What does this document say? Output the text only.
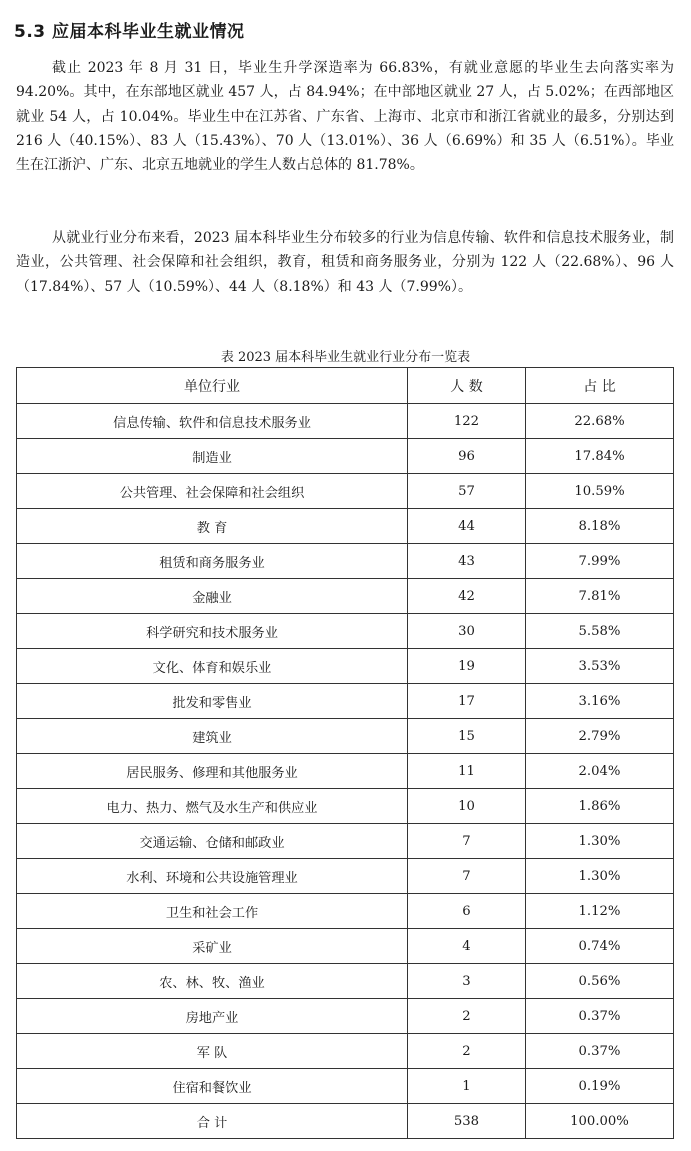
5.3 应届本科毕业生就业情况

截止 2023 年 8 月 31 日，毕业生升学深造率为 66.83%，有就业意愿的毕业生去向落实率为 94.20%。其中，在东部地区就业 457 人，占 84.94%；在中部地区就业 27 人，占 5.02%；在西部地区就业 54 人，占 10.04%。毕业生中在江苏省、广东省、上海市、北京市和浙江省就业的最多，分别达到 216 人（40.15%）、83 人（15.43%）、70 人（13.01%）、36 人（6.69%）和 35 人（6.51%）。毕业生在江浙沪、广东、北京五地就业的学生人数占总体的 81.78%。

从就业行业分布来看，2023 届本科毕业生分布较多的行业为信息传输、软件和信息技术服务业，制造业，公共管理、社会保障和社会组织，教育，租赁和商务服务业，分别为 122 人（22.68%）、96 人（17.84%）、57 人（10.59%）、44 人（8.18%）和 43 人（7.99%）。

表 2023 届本科毕业生就业行业分布一览表
单位行业	人 数	占 比
信息传输、软件和信息技术服务业	122	22.68%
制造业	96	17.84%
公共管理、社会保障和社会组织	57	10.59%
教 育	44	8.18%
租赁和商务服务业	43	7.99%
金融业	42	7.81%
科学研究和技术服务业	30	5.58%
文化、体育和娱乐业	19	3.53%
批发和零售业	17	3.16%
建筑业	15	2.79%
居民服务、修理和其他服务业	11	2.04%
电力、热力、燃气及水生产和供应业	10	1.86%
交通运输、仓储和邮政业	7	1.30%
水利、环境和公共设施管理业	7	1.30%
卫生和社会工作	6	1.12%
采矿业	4	0.74%
农、林、牧、渔业	3	0.56%
房地产业	2	0.37%
军 队	2	0.37%
住宿和餐饮业	1	0.19%
合 计	538	100.00%
